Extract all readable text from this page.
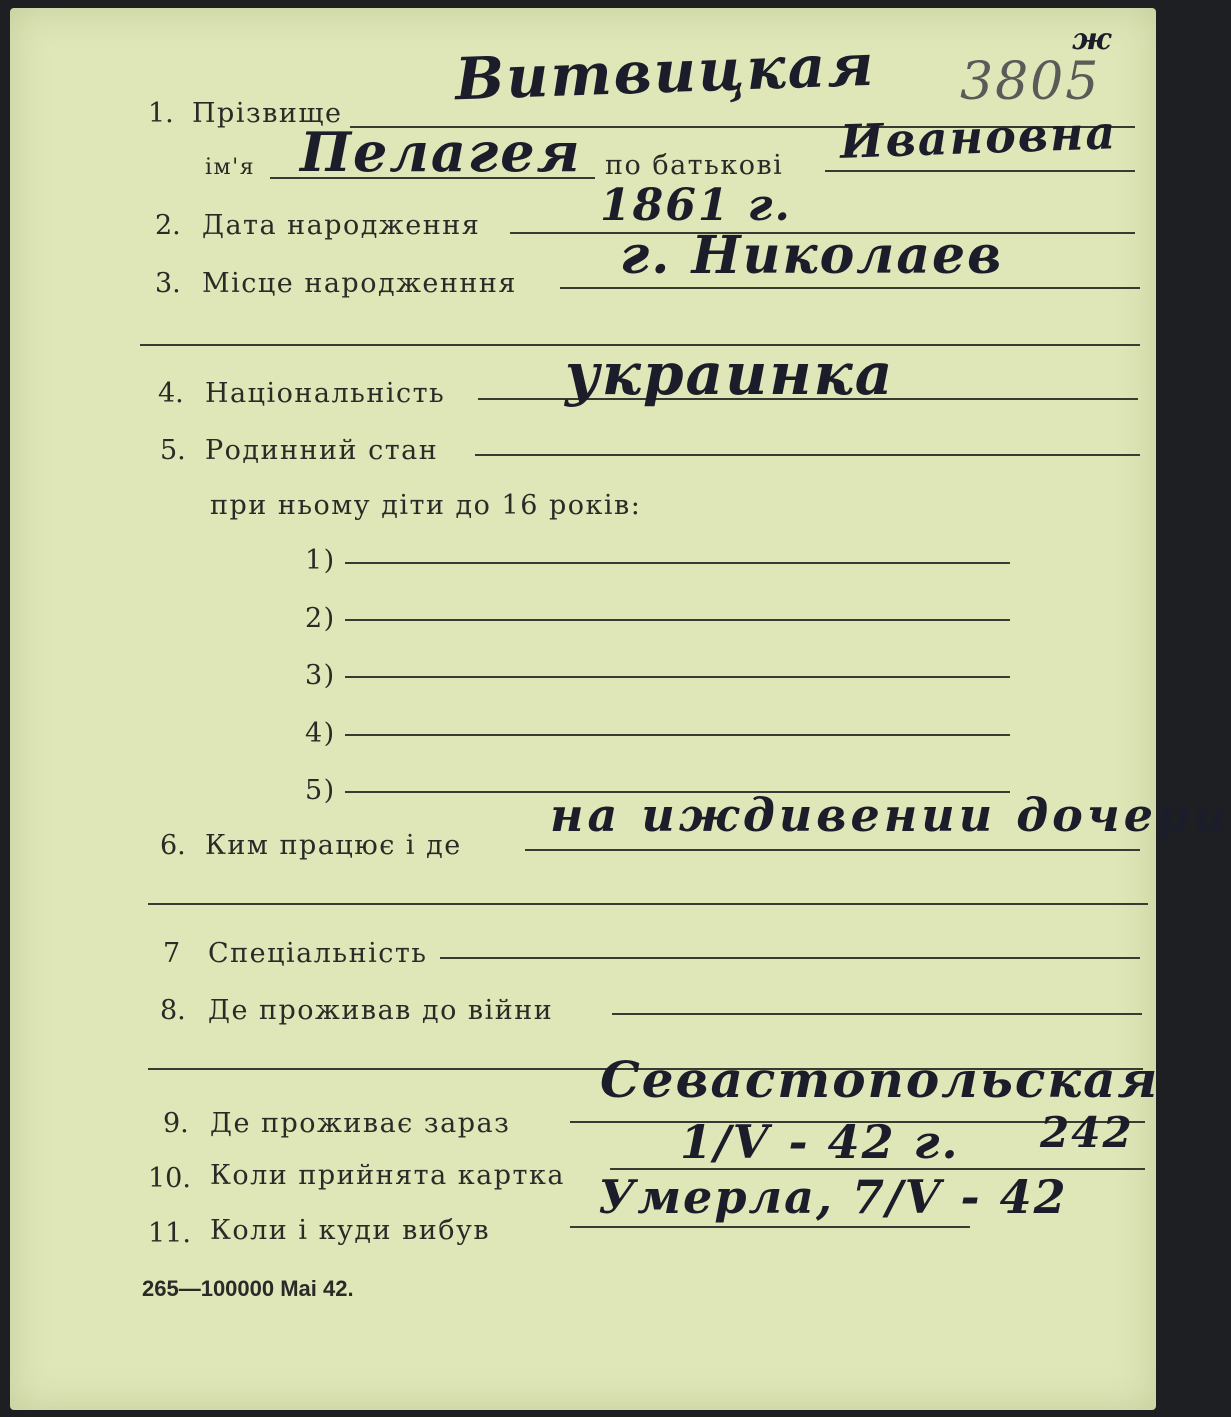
1. Прізвище
Витвицкая 3805
ж
ім'я Пелагея по батькові Ивановна
2. Дата народження	1861 г.
3. Місце народженння г. Николаев
4. Національність украинка
5. Родинний стан
при ньому діти до 16 років:
1)
2)
3)
4)
5)
6. Ким працює і де
на иждивении дочери
7 Спеціальність
8. Де проживав до війни
9. Де проживає зараз
Севастопольская
242
10. Коли прийнята картка
1/V - 42 г.
11. Коли і куди вибув
Умерла, 7/V - 42
265—100000 Mai 42.
